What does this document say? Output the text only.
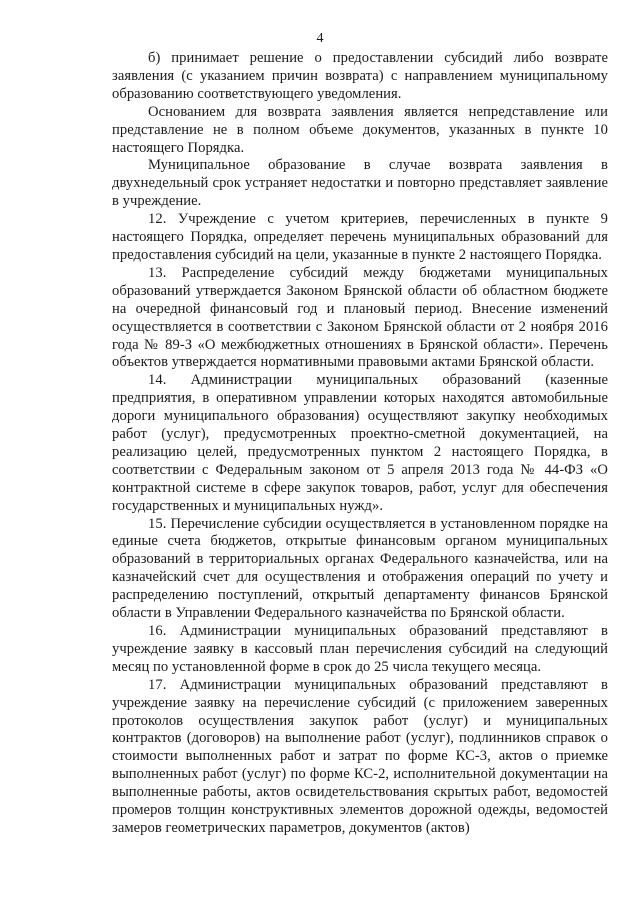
4

б) принимает решение о предоставлении субсидий либо возврате заявления (с указанием причин возврата) с направлением муниципальному образованию соответствующего уведомления.

Основанием для возврата заявления является непредставление или представление не в полном объеме документов, указанных в пункте 10 настоящего Порядка.

Муниципальное образование в случае возврата заявления в двухнедельный срок устраняет недостатки и повторно представляет заявление в учреждение.

12. Учреждение с учетом критериев, перечисленных в пункте 9 настоящего Порядка, определяет перечень муниципальных образований для предоставления субсидий на цели, указанные в пункте 2 настоящего Порядка.

13. Распределение субсидий между бюджетами муниципальных образований утверждается Законом Брянской области об областном бюджете на очередной финансовый год и плановый период. Внесение изменений осуществляется в соответствии с Законом Брянской области от 2 ноября 2016 года № 89-З «О межбюджетных отношениях в Брянской области». Перечень объектов утверждается нормативными правовыми актами Брянской области.

14. Администрации муниципальных образований (казенные предприятия, в оперативном управлении которых находятся автомобильные дороги муниципального образования) осуществляют закупку необходимых работ (услуг), предусмотренных проектно-сметной документацией, на реализацию целей, предусмотренных пунктом 2 настоящего Порядка, в соответствии с Федеральным законом от 5 апреля 2013 года № 44-ФЗ «О контрактной системе в сфере закупок товаров, работ, услуг для обеспечения государственных и муниципальных нужд».

15. Перечисление субсидии осуществляется в установленном порядке на единые счета бюджетов, открытые финансовым органом муниципальных образований в территориальных органах Федерального казначейства, или на казначейский счет для осуществления и отображения операций по учету и распределению поступлений, открытый департаменту финансов Брянской области в Управлении Федерального казначейства по Брянской области.

16. Администрации муниципальных образований представляют в учреждение заявку в кассовый план перечисления субсидий на следующий месяц по установленной форме в срок до 25 числа текущего месяца.

17. Администрации муниципальных образований представляют в учреждение заявку на перечисление субсидий (с приложением заверенных протоколов осуществления закупок работ (услуг) и муниципальных контрактов (договоров) на выполнение работ (услуг), подлинников справок о стоимости выполненных работ и затрат по форме КС-3, актов о приемке выполненных работ (услуг) по форме КС-2, исполнительной документации на выполненные работы, актов освидетельствования скрытых работ, ведомостей промеров толщин конструктивных элементов дорожной одежды, ведомостей замеров геометрических параметров, документов (актов)
